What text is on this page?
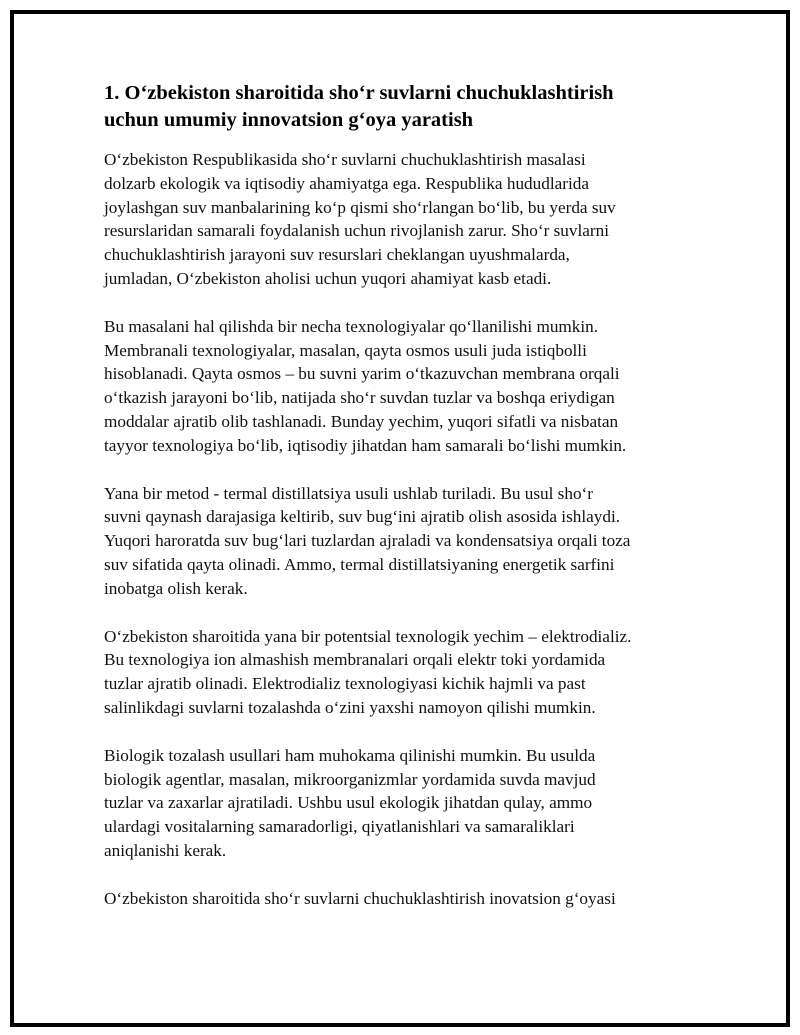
1. O‘zbekiston sharoitida sho‘r suvlarni chuchuklashtirish
uchun umumiy innovatsion g‘oya yaratish
O‘zbekiston Respublikasida sho‘r suvlarni chuchuklashtirish masalasi
dolzarb ekologik va iqtisodiy ahamiyatga ega. Respublika hududlarida
joylashgan suv manbalarining ko‘p qismi sho‘rlangan bo‘lib, bu yerda suv
resurslaridan samarali foydalanish uchun rivojlanish zarur. Sho‘r suvlarni
chuchuklashtirish jarayoni suv resurslari cheklangan uyushmalarda,
jumladan, O‘zbekiston aholisi uchun yuqori ahamiyat kasb etadi.
Bu masalani hal qilishda bir necha texnologiyalar qo‘llanilishi mumkin.
Membranali texnologiyalar, masalan, qayta osmos usuli juda istiqbolli
hisoblanadi. Qayta osmos – bu suvni yarim o‘tkazuvchan membrana orqali
o‘tkazish jarayoni bo‘lib, natijada sho‘r suvdan tuzlar va boshqa eriydigan
moddalar ajratib olib tashlanadi. Bunday yechim, yuqori sifatli va nisbatan
tayyor texnologiya bo‘lib, iqtisodiy jihatdan ham samarali bo‘lishi mumkin.
Yana bir metod - termal distillatsiya usuli ushlab turiladi. Bu usul sho‘r
suvni qaynash darajasiga keltirib, suv bug‘ini ajratib olish asosida ishlaydi.
Yuqori haroratda suv bug‘lari tuzlardan ajraladi va kondensatsiya orqali toza
suv sifatida qayta olinadi. Ammo, termal distillatsiyaning energetik sarfini
inobatga olish kerak.
O‘zbekiston sharoitida yana bir potentsial texnologik yechim – elektrodializ.
Bu texnologiya ion almashish membranalari orqali elektr toki yordamida
tuzlar ajratib olinadi. Elektrodializ texnologiyasi kichik hajmli va past
salinlikdagi suvlarni tozalashda o‘zini yaxshi namoyon qilishi mumkin.
Biologik tozalash usullari ham muhokama qilinishi mumkin. Bu usulda
biologik agentlar, masalan, mikroorganizmlar yordamida suvda mavjud
tuzlar va zaxarlar ajratiladi. Ushbu usul ekologik jihatdan qulay, ammo
ulardagi vositalarning samaradorligi, qiyatlanishlari va samaraliklari
aniqlanishi kerak.
O‘zbekiston sharoitida sho‘r suvlarni chuchuklashtirish inovatsion g‘oyasi
